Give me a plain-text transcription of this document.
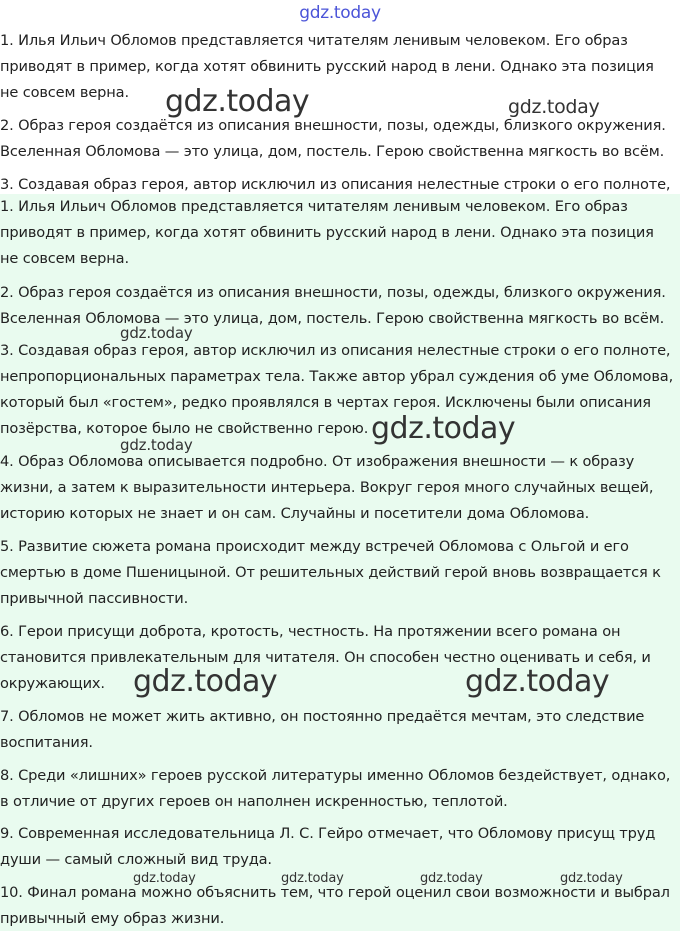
gdz.today

1. Илья Ильич Обломов представляется читателям ленивым человеком. Его образ приводят в пример, когда хотят обвинить русский народ в лени. Однако эта позиция не совсем верна.

2. Образ героя создаётся из описания внешности, позы, одежды, близкого окружения. Вселенная Обломова — это улица, дом, постель. Герою свойственна мягкость во всём.

3. Создавая образ героя, автор исключил из описания нелестные строки о его полноте,

1. Илья Ильич Обломов представляется читателям ленивым человеком. Его образ приводят в пример, когда хотят обвинить русский народ в лени. Однако эта позиция не совсем верна.

2. Образ героя создаётся из описания внешности, позы, одежды, близкого окружения. Вселенная Обломова — это улица, дом, постель. Герою свойственна мягкость во всём.

3. Создавая образ героя, автор исключил из описания нелестные строки о его полноте, непропорциональных параметрах тела. Также автор убрал суждения об уме Обломова, который был «гостем», редко проявлялся в чертах героя. Исключены были описания позёрства, которое было не свойственно герою.

4. Образ Обломова описывается подробно. От изображения внешности — к образу жизни, а затем к выразительности интерьера. Вокруг героя много случайных вещей, историю которых не знает и он сам. Случайны и посетители дома Обломова.

5. Развитие сюжета романа происходит между встречей Обломова с Ольгой и его смертью в доме Пшеницыной. От решительных действий герой вновь возвращается к привычной пассивности.

6. Герои присущи доброта, кротость, честность. На протяжении всего романа он становится привлекательным для читателя. Он способен честно оценивать и себя, и окружающих.

7. Обломов не может жить активно, он постоянно предаётся мечтам, это следствие воспитания.

8. Среди «лишних» героев русской литературы именно Обломов бездействует, однако, в отличие от других героев он наполнен искренностью, теплотой.

9. Современная исследовательница Л. С. Гейро отмечает, что Обломову присущ труд души — самый сложный вид труда.

10. Финал романа можно объяснить тем, что герой оценил свои возможности и выбрал привычный ему образ жизни.

gdz.today	gdz.today
gdz.today
gdz.today
gdz.today
gdz.today	gdz.today
gdz.today	gdz.today	gdz.today	gdz.today
